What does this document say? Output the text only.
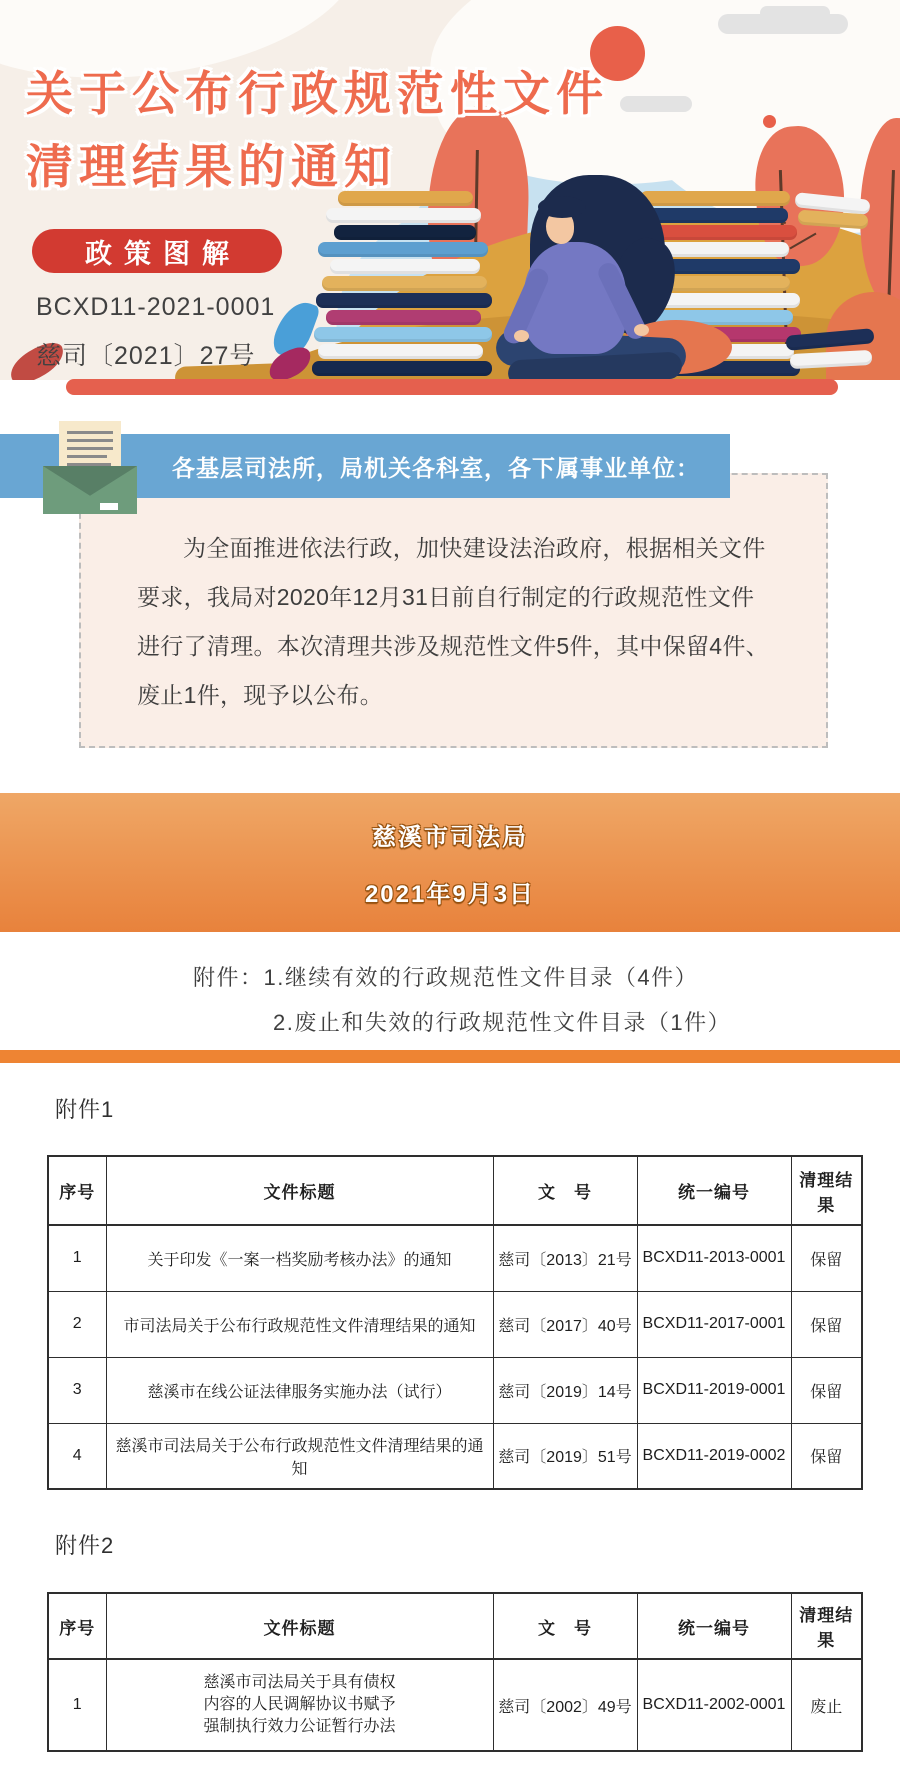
关于公布行政规范性文件
清理结果的通知
政策图解
BCXD11-2021-0001
慈司〔2021〕27号
各基层司法所，局机关各科室，各下属事业单位：
为全面推进依法行政，加快建设法治政府，根据相关文件
要求，我局对2020年12月31日前自行制定的行政规范性文件
进行了清理。本次清理共涉及规范性文件5件，其中保留4件、
废止1件，现予以公布。
慈溪市司法局
2021年9月3日
附件：1.继续有效的行政规范性文件目录（4件）
2.废止和失效的行政规范性文件目录（1件）
附件1
序号	文件标题	文　号	统一编号	清理结果
1	关于印发《一案一档奖励考核办法》的通知	慈司〔2013〕21号	BCXD11-2013-0001	保留
2	市司法局关于公布行政规范性文件清理结果的通知	慈司〔2017〕40号	BCXD11-2017-0001	保留
3	慈溪市在线公证法律服务实施办法（试行）	慈司〔2019〕14号	BCXD11-2019-0001	保留
4	慈溪市司法局关于公布行政规范性文件清理结果的通知	慈司〔2019〕51号	BCXD11-2019-0002	保留
附件2
序号	文件标题	文　号	统一编号	清理结果
1	慈溪市司法局关于具有债权
内容的人民调解协议书赋予
强制执行效力公证暂行办法	慈司〔2002〕49号	BCXD11-2002-0001	废止
